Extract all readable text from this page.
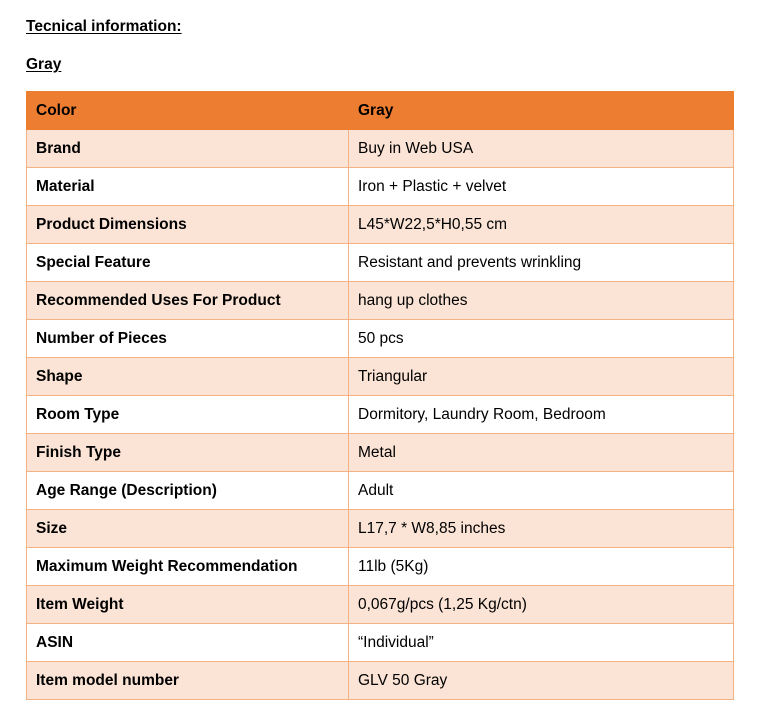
Tecnical information:
Gray
Color	Gray
Brand	Buy in Web USA
Material	Iron + Plastic + velvet
Product Dimensions	L45*W22,5*H0,55 cm
Special Feature	Resistant and prevents wrinkling
Recommended Uses For Product	hang up clothes
Number of Pieces	50 pcs
Shape	Triangular
Room Type	Dormitory, Laundry Room, Bedroom
Finish Type	Metal
Age Range (Description)	Adult
Size	L17,7 * W8,85 inches
Maximum Weight Recommendation	11lb (5Kg)
Item Weight	0,067g/pcs (1,25 Kg/ctn)
ASIN	“Individual”
Item model number	GLV 50 Gray
